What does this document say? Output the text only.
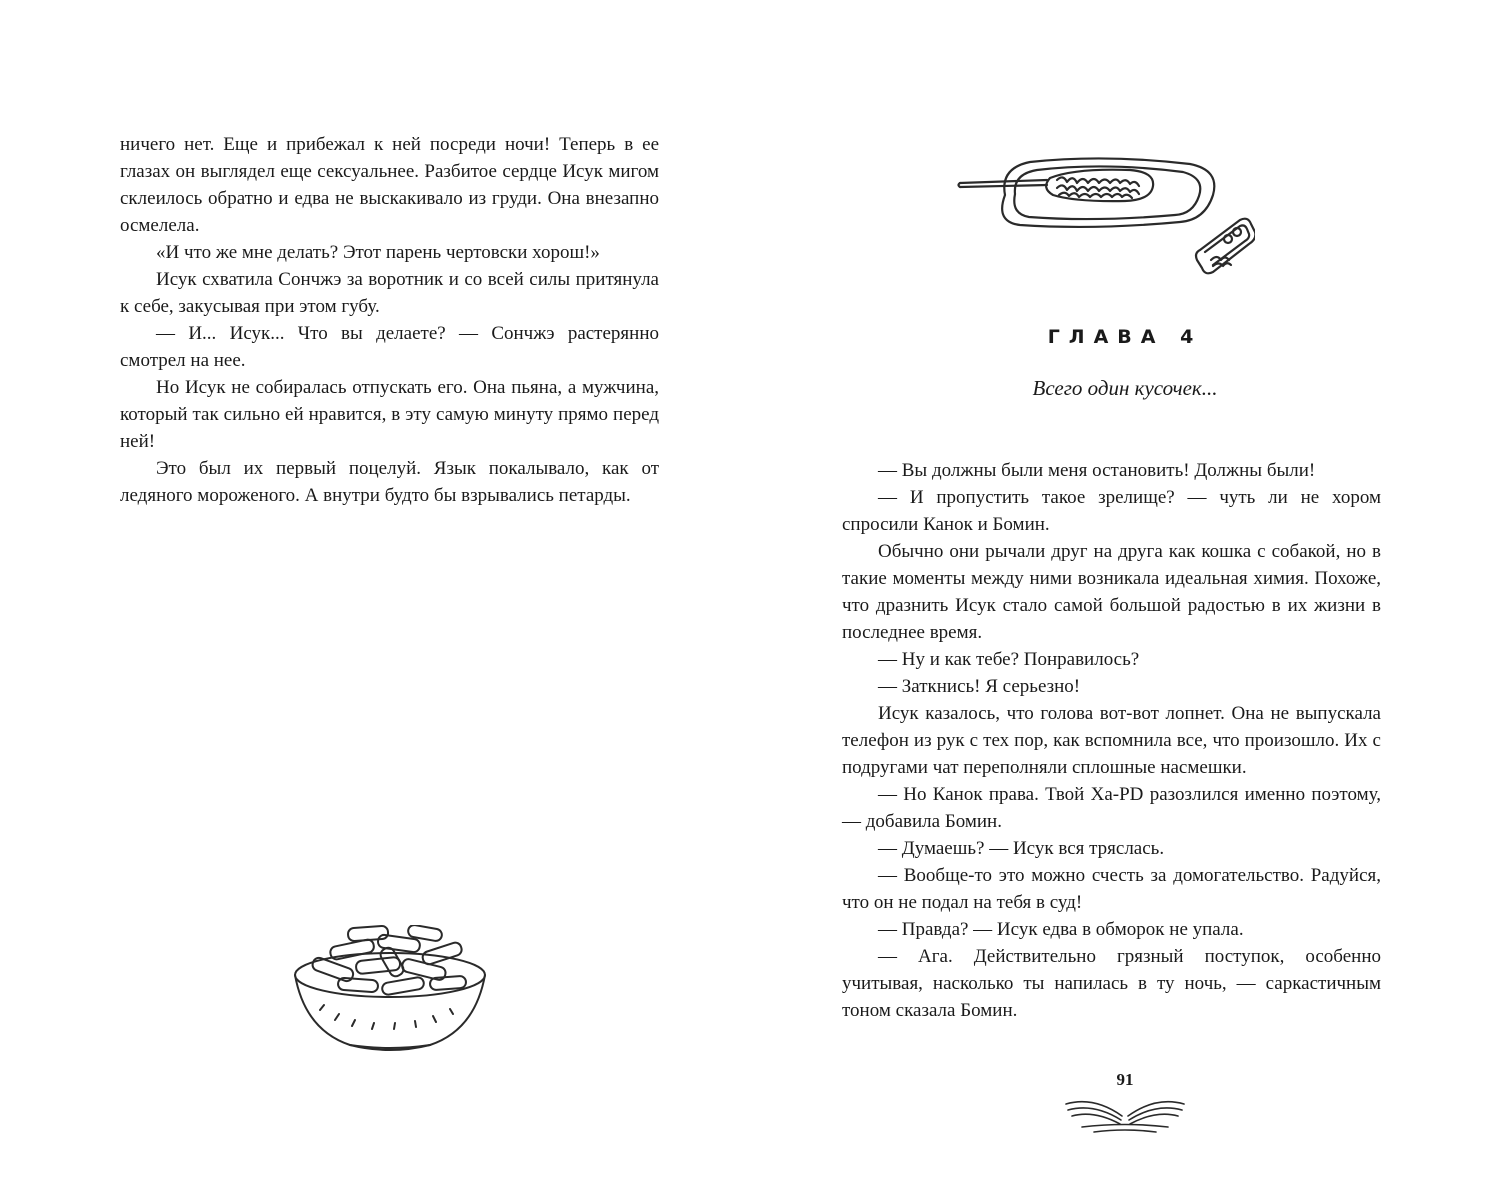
ничего нет. Еще и прибежал к ней посреди ночи! Теперь в ее глазах он выглядел еще сексуальнее. Разбитое сердце Исук мигом склеилось обратно и едва не выскакивало из груди. Она внезапно осмелела.

«И что же мне делать? Этот парень чертовски хорош!»

Исук схватила Сончжэ за воротник и со всей силы притянула к себе, закусывая при этом губу.

— И... Исук... Что вы делаете? — Сончжэ растерянно смотрел на нее.

Но Исук не собиралась отпускать его. Она пьяна, а мужчина, который так сильно ей нравится, в эту самую минуту прямо перед ней!

Это был их первый поцелуй. Язык покалывало, как от ледяного мороженого. А внутри будто бы взрывались петарды.

ГЛАВА 4
Всего один кусочек...

— Вы должны были меня остановить! Должны были!

— И пропустить такое зрелище? — чуть ли не хором спросили Канок и Бомин.

Обычно они рычали друг на друга как кошка с собакой, но в такие моменты между ними возникала идеальная химия. Похоже, что дразнить Исук стало самой большой радостью в их жизни в последнее время.

— Ну и как тебе? Понравилось?

— Заткнись! Я серьезно!

Исук казалось, что голова вот-вот лопнет. Она не выпускала телефон из рук с тех пор, как вспомнила все, что произошло. Их с подругами чат переполняли сплошные насмешки.

— Но Канок права. Твой Ха-PD разозлился именно поэтому, — добавила Бомин.

— Думаешь? — Исук вся тряслась.

— Вообще-то это можно счесть за домогательство. Радуйся, что он не подал на тебя в суд!

— Правда? — Исук едва в обморок не упала.

— Ага. Действительно грязный поступок, особенно учитывая, насколько ты напилась в ту ночь, — саркастичным тоном сказала Бомин.

91
